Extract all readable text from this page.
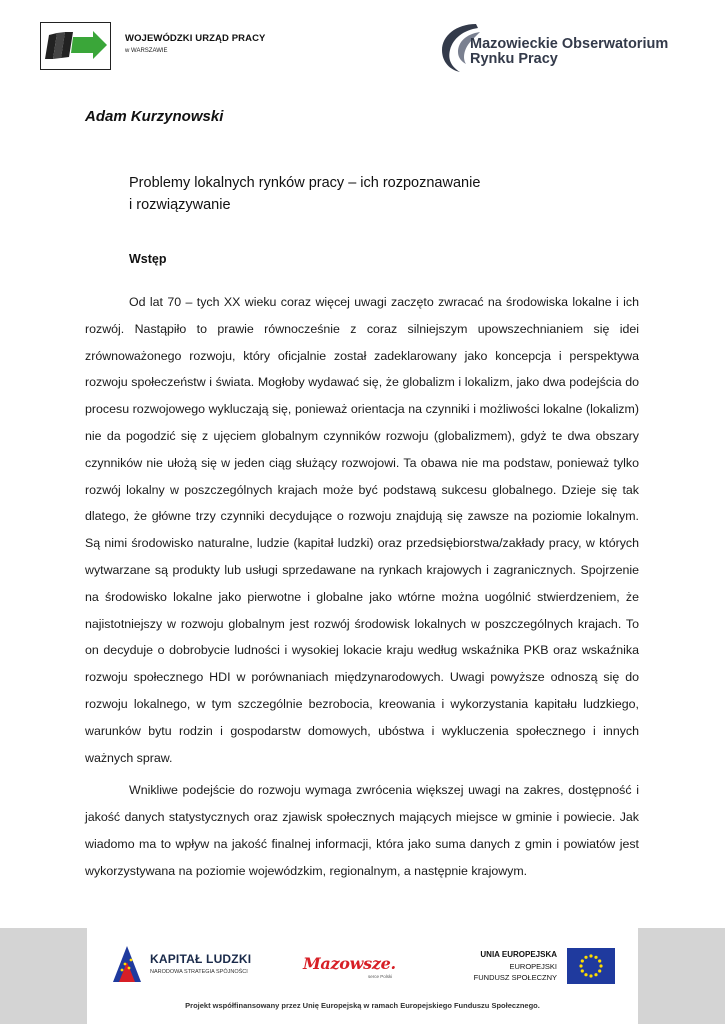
WOJEWÓDZKI URZĄD PRACY
w WARSZAWIE	Mazowieckie Obserwatorium
Rynku Pracy
Adam Kurzynowski
Problemy lokalnych rynków pracy – ich rozpoznawanie
i rozwiązywanie
Wstęp

Od lat 70 – tych XX wieku coraz więcej uwagi zaczęto zwracać na środowiska lokalne i ich rozwój. Nastąpiło to prawie równocześnie z coraz silniejszym upowszechnianiem się idei zrównoważonego rozwoju, który oficjalnie został zadeklarowany jako koncepcja i perspektywa rozwoju społeczeństw i świata. Mogłoby wydawać się, że globalizm i lokalizm, jako dwa podejścia do procesu rozwojowego wykluczają się, ponieważ orientacja na czynniki i możliwości lokalne (lokalizm) nie da pogodzić się z ujęciem globalnym czynników rozwoju (globalizmem), gdyż te dwa obszary czynników nie ułożą się w jeden ciąg służący rozwojowi. Ta obawa nie ma podstaw, ponieważ tylko rozwój lokalny w poszczególnych krajach może być podstawą sukcesu globalnego. Dzieje się tak dlatego, że główne trzy czynniki decydujące o rozwoju znajdują się zawsze na poziomie lokalnym. Są nimi środowisko naturalne, ludzie (kapitał ludzki) oraz przedsiębiorstwa/zakłady pracy, w których wytwarzane są produkty lub usługi sprzedawane na rynkach krajowych i zagranicznych. Spojrzenie na środowisko lokalne jako pierwotne i globalne jako wtórne można uogólnić stwierdzeniem, że najistotniejszy w rozwoju globalnym jest rozwój środowisk lokalnych w poszczególnych krajach. To on decyduje o dobrobycie ludności i wysokiej lokacie kraju według wskaźnika PKB oraz wskaźnika rozwoju społecznego HDI w porównaniach międzynarodowych. Uwagi powyższe odnoszą się do rozwoju lokalnego, w tym szczególnie bezrobocia, kreowania i wykorzystania kapitału ludzkiego, warunków bytu rodzin i gospodarstw domowych, ubóstwa i wykluczenia społecznego i innych ważnych spraw.

Wnikliwe podejście do rozwoju wymaga zwrócenia większej uwagi na zakres, dostępność i jakość danych statystycznych oraz zjawisk społecznych mających miejsce w gminie i powiecie. Jak wiadomo ma to wpływ na jakość finalnej informacji, która jako suma danych z gmin i powiatów jest wykorzystywana na poziomie wojewódzkim, regionalnym, a następnie krajowym.

KAPITAŁ LUDZKI
NARODOWA STRATEGIA SPÓJNOŚCI	Mazowsze.
serce Polski
UNIA EUROPEJSKA
EUROPEJSKI
FUNDUSZ SPOŁECZNY
Projekt współfinansowany przez Unię Europejską w ramach Europejskiego Funduszu Społecznego.
